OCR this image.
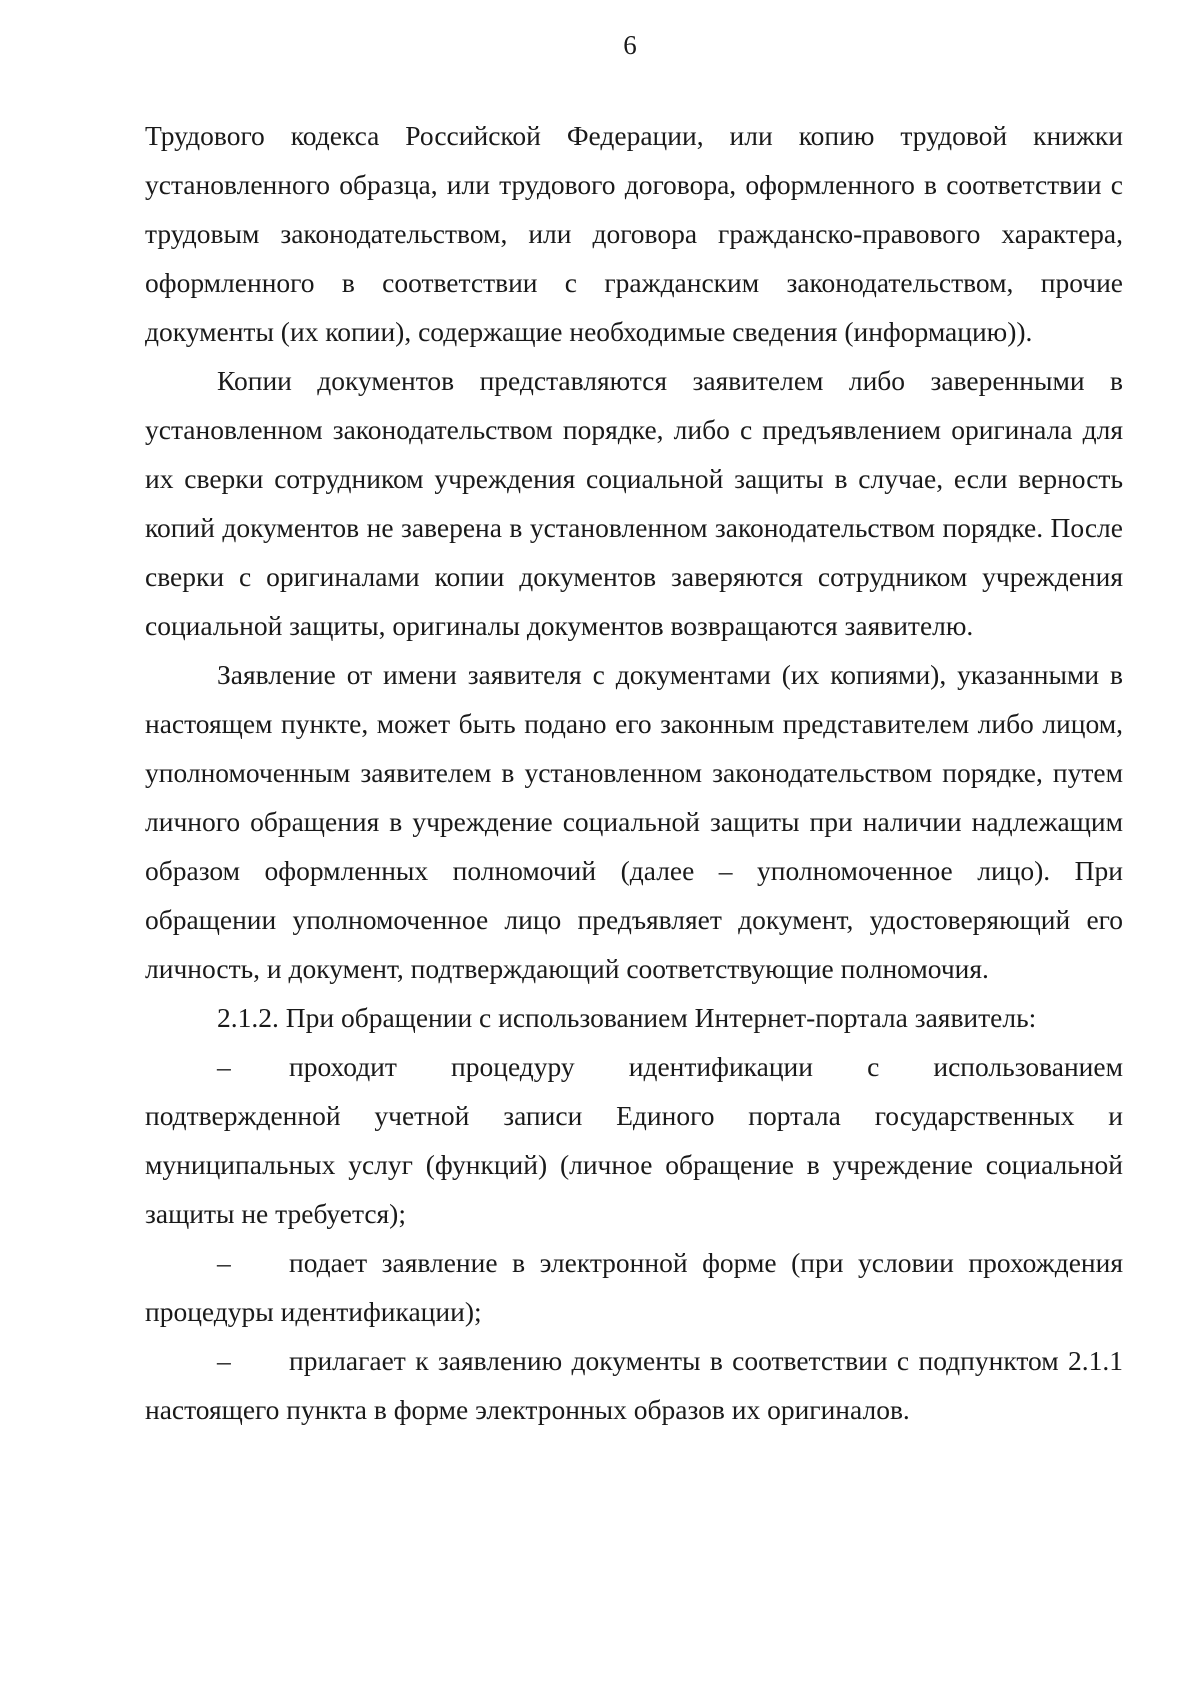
6

Трудового кодекса Российской Федерации, или копию трудовой книжки установленного образца, или трудового договора, оформленного в соответствии с трудовым законодательством, или договора гражданско-правового характера, оформленного в соответствии с гражданским законодательством, прочие документы (их копии), содержащие необходимые сведения (информацию)).

Копии документов представляются заявителем либо заверенными в установленном законодательством порядке, либо с предъявлением оригинала для их сверки сотрудником учреждения социальной защиты в случае, если верность копий документов не заверена в установленном законодательством порядке. После сверки с оригиналами копии документов заверяются сотрудником учреждения социальной защиты, оригиналы документов возвращаются заявителю.

Заявление от имени заявителя с документами (их копиями), указанными в настоящем пункте, может быть подано его законным представителем либо лицом, уполномоченным заявителем в установленном законодательством порядке, путем личного обращения в учреждение социальной защиты при наличии надлежащим образом оформленных полномочий (далее – уполномоченное лицо). При обращении уполномоченное лицо предъявляет документ, удостоверяющий его личность, и документ, подтверждающий соответствующие полномочия.

2.1.2. При обращении с использованием Интернет-портала заявитель:

– проходит процедуру идентификации с использованием подтвержденной учетной записи Единого портала государственных и муниципальных услуг (функций) (личное обращение в учреждение социальной защиты не требуется);

– подает заявление в электронной форме (при условии прохождения процедуры идентификации);

– прилагает к заявлению документы в соответствии с подпунктом 2.1.1 настоящего пункта в форме электронных образов их оригиналов.
